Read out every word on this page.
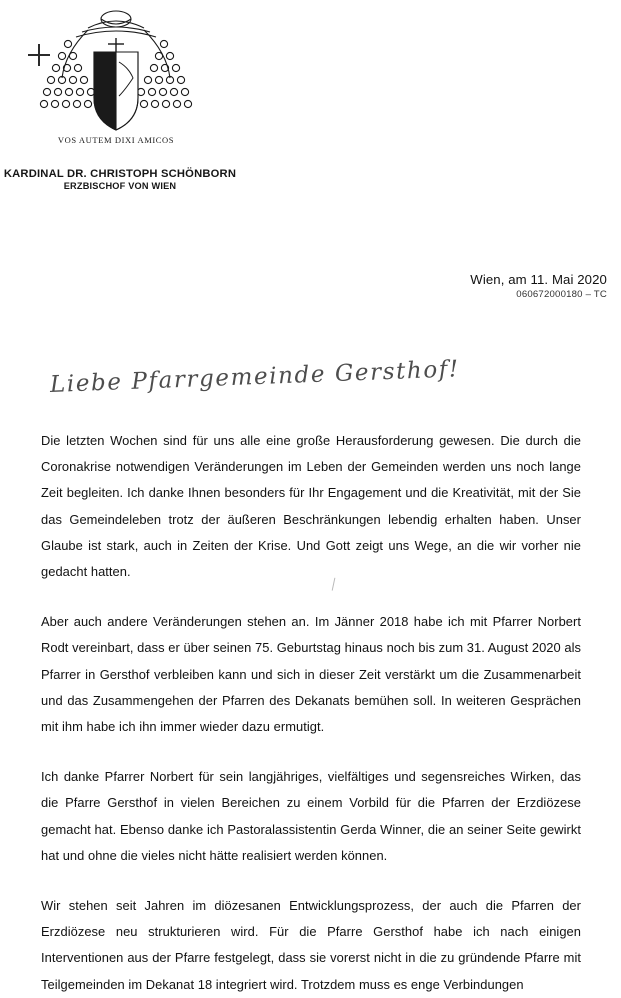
VOS AUTEM DIXI AMICOS
KARDINAL DR. CHRISTOPH SCHÖNBORN
ERZBISCHOF VON WIEN
Wien, am 11. Mai 2020
060672000180 – TC
Liebe Pfarrgemeinde Gersthof!

Die letzten Wochen sind für uns alle eine große Herausforderung gewesen. Die durch die Coronakrise notwendigen Veränderungen im Leben der Gemeinden werden uns noch lange Zeit begleiten. Ich danke Ihnen besonders für Ihr Engagement und die Kreativität, mit der Sie das Gemeindeleben trotz der äußeren Beschränkungen lebendig erhalten haben. Unser Glaube ist stark, auch in Zeiten der Krise. Und Gott zeigt uns Wege, an die wir vorher nie gedacht hatten.

Aber auch andere Veränderungen stehen an. Im Jänner 2018 habe ich mit Pfarrer Norbert Rodt vereinbart, dass er über seinen 75. Geburtstag hinaus noch bis zum 31. August 2020 als Pfarrer in Gersthof verbleiben kann und sich in dieser Zeit verstärkt um die Zusammenarbeit und das Zusammengehen der Pfarren des Dekanats bemühen soll. In weiteren Gesprächen mit ihm habe ich ihn immer wieder dazu ermutigt.

Ich danke Pfarrer Norbert für sein langjähriges, vielfältiges und segensreiches Wirken, das die Pfarre Gersthof in vielen Bereichen zu einem Vorbild für die Pfarren der Erzdiözese gemacht hat. Ebenso danke ich Pastoralassistentin Gerda Winner, die an seiner Seite gewirkt hat und ohne die vieles nicht hätte realisiert werden können.

Wir stehen seit Jahren im diözesanen Entwicklungsprozess, der auch die Pfarren der Erzdiözese neu strukturieren wird. Für die Pfarre Gersthof habe ich nach einigen Interventionen aus der Pfarre festgelegt, dass sie vorerst nicht in die zu gründende Pfarre mit Teilgemeinden im Dekanat 18 integriert wird. Trotzdem muss es enge Verbindungen
